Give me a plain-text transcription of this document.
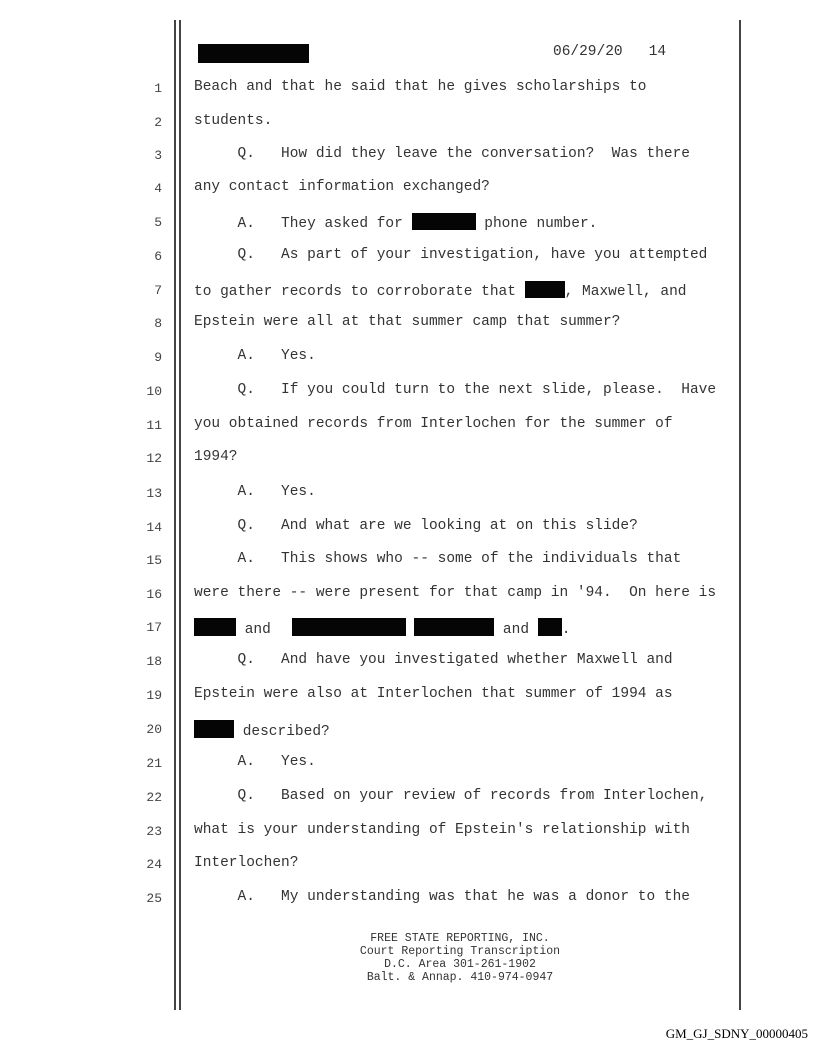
06/29/20   14
1
2
3
4
5
6
7
8
9
10
11
12
13
14
15
16
17
18
19
20
21
22
23
24
25
Beach and that he said that he gives scholarships to
students.
Q.   How did they leave the conversation?  Was there
any contact information exchanged?
A.   They asked for	phone number.
Q.   As part of your investigation, have you attempted
to gather records to corroborate that	, Maxwell, and
Epstein were all at that summer camp that summer?
A.   Yes.
Q.   If you could turn to the next slide, please.  Have
you obtained records from Interlochen for the summer of
1994?
A.   Yes.
Q.   And what are we looking at on this slide?
A.   This shows who -- some of the individuals that
were there -- were present for that camp in '94.  On here is
and	and .
Q.   And have you investigated whether Maxwell and
Epstein were also at Interlochen that summer of 1994 as
described?
A.   Yes.
Q.   Based on your review of records from Interlochen,
what is your understanding of Epstein's relationship with
Interlochen?
A.   My understanding was that he was a donor to the
FREE STATE REPORTING, INC.
Court Reporting Transcription
D.C. Area 301-261-1902
Balt. & Annap. 410-974-0947
GM_GJ_SDNY_00000405
